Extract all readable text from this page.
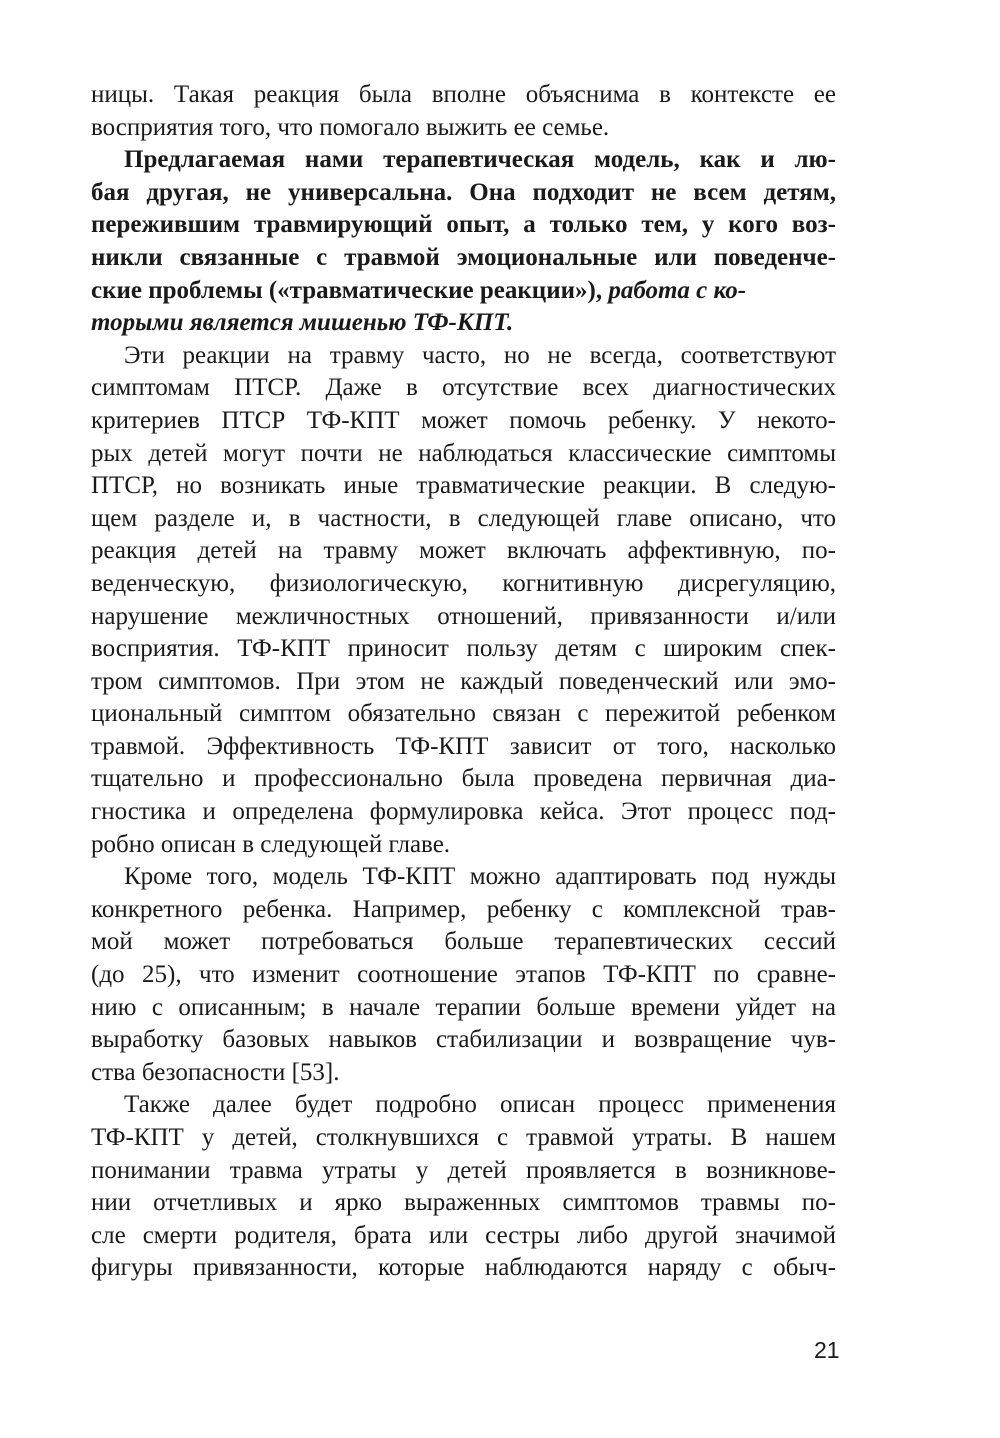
ницы. Такая реакция была вполне объяснима в контексте ее
восприятия того, что помогало выжить ее семье.
Предлагаемая нами терапевтическая модель, как и лю-
бая другая, не универсальна. Она подходит не всем детям,
пережившим травмирующий опыт, а только тем, у кого воз-
никли связанные с травмой эмоциональные или поведенче-
ские проблемы («травматические реакции»), работа с ко-
торыми является мишенью ТФ-КПТ.
Эти реакции на травму часто, но не всегда, соответствуют
симптомам ПТСР. Даже в отсутствие всех диагностических
критериев ПТСР ТФ-КПТ может помочь ребенку. У некото-
рых детей могут почти не наблюдаться классические симптомы
ПТСР, но возникать иные травматические реакции. В следую-
щем разделе и, в частности, в следующей главе описано, что
реакция детей на травму может включать аффективную, по-
веденческую, физиологическую, когнитивную дисрегуляцию,
нарушение межличностных отношений, привязанности и/или
восприятия. ТФ-КПТ приносит пользу детям с широким спек-
тром симптомов. При этом не каждый поведенческий или эмо-
циональный симптом обязательно связан с пережитой ребенком
травмой. Эффективность ТФ-КПТ зависит от того, насколько
тщательно и профессионально была проведена первичная диа-
гностика и определена формулировка кейса. Этот процесс под-
робно описан в следующей главе.
Кроме того, модель ТФ-КПТ можно адаптировать под нужды
конкретного ребенка. Например, ребенку с комплексной трав-
мой может потребоваться больше терапевтических сессий
(до 25), что изменит соотношение этапов ТФ-КПТ по сравне-
нию с описанным; в начале терапии больше времени уйдет на
выработку базовых навыков стабилизации и возвращение чув-
ства безопасности [53].
Также далее будет подробно описан процесс применения
ТФ-КПТ у детей, столкнувшихся с травмой утраты. В нашем
понимании травма утраты у детей проявляется в возникнове-
нии отчетливых и ярко выраженных симптомов травмы по-
сле смерти родителя, брата или сестры либо другой значимой
фигуры привязанности, которые наблюдаются наряду с обыч-
21
